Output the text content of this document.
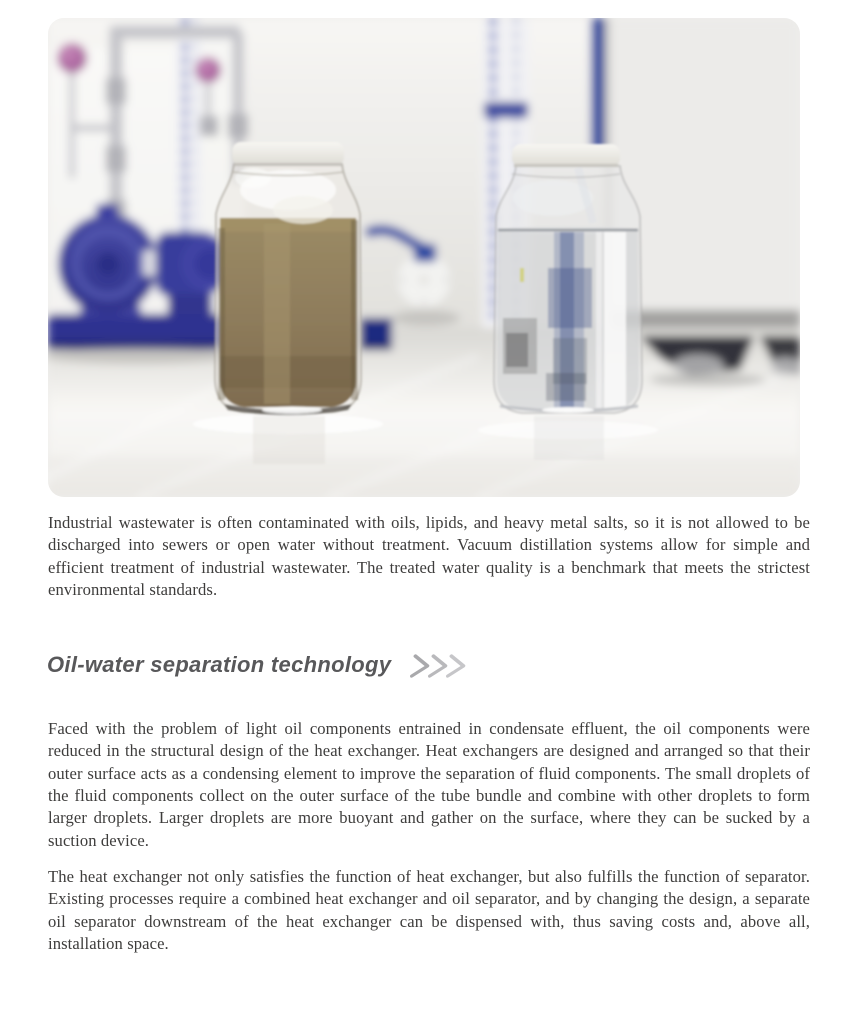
Industrial wastewater is often contaminated with oils, lipids, and heavy metal salts, so it is not allowed to be discharged into sewers or open water without treatment. Vacuum distillation systems allow for simple and efficient treatment of industrial wastewater. The treated water quality is a benchmark that meets the strictest environmental standards.

Oil-water separation technology

Faced with the problem of light oil components entrained in condensate effluent, the oil components were reduced in the structural design of the heat exchanger. Heat exchangers are designed and arranged so that their outer surface acts as a condensing element to improve the separation of fluid components. The small droplets of the fluid components collect on the outer surface of the tube bundle and combine with other droplets to form larger droplets. Larger droplets are more buoyant and gather on the surface, where they can be sucked by a suction device.

The heat exchanger not only satisfies the function of heat exchanger, but also fulfills the function of separator. Existing processes require a combined heat exchanger and oil separator, and by changing the design, a separate oil separator downstream of the heat exchanger can be dispensed with, thus saving costs and, above all, installation space.
